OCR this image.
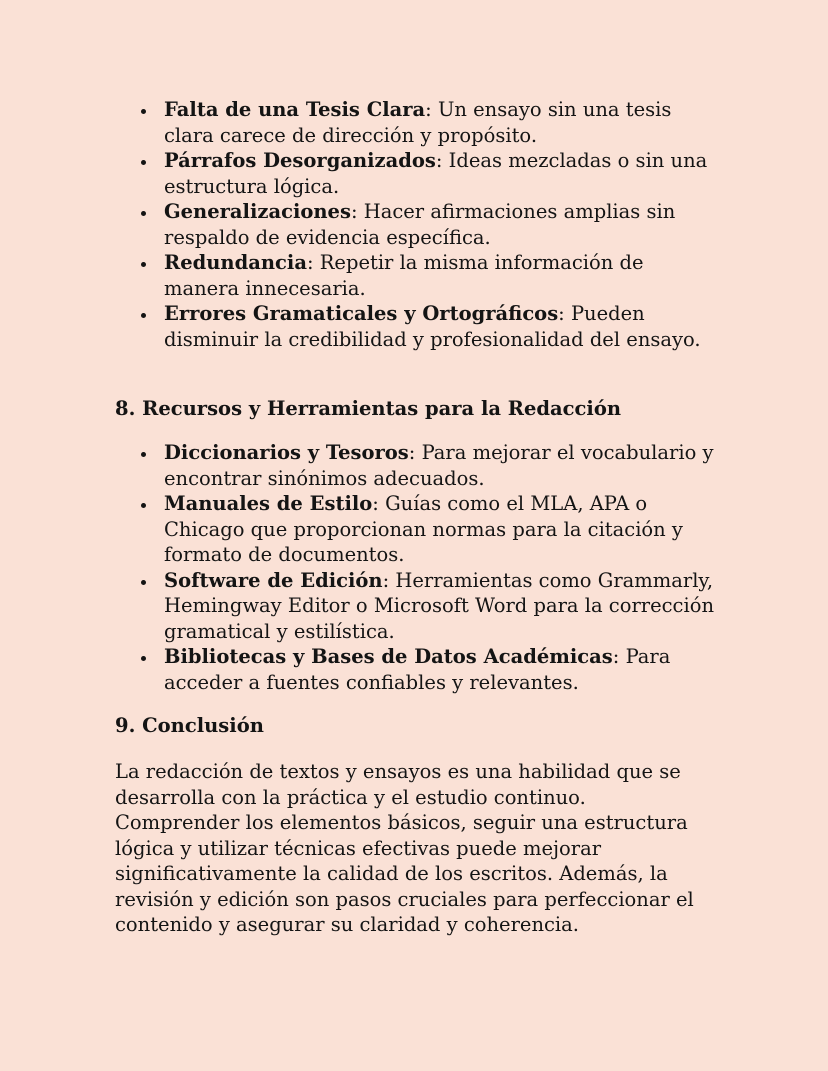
Falta de una Tesis Clara: Un ensayo sin una tesis clara carece de dirección y propósito.
Párrafos Desorganizados: Ideas mezcladas o sin una estructura lógica.
Generalizaciones: Hacer afirmaciones amplias sin respaldo de evidencia específica.
Redundancia: Repetir la misma información de manera innecesaria.
Errores Gramaticales y Ortográficos: Pueden disminuir la credibilidad y profesionalidad del ensayo.
8. Recursos y Herramientas para la Redacción
Diccionarios y Tesoros: Para mejorar el vocabulario y encontrar sinónimos adecuados.
Manuales de Estilo: Guías como el MLA, APA o Chicago que proporcionan normas para la citación y formato de documentos.
Software de Edición: Herramientas como Grammarly, Hemingway Editor o Microsoft Word para la corrección gramatical y estilística.
Bibliotecas y Bases de Datos Académicas: Para acceder a fuentes confiables y relevantes.
9. Conclusión

La redacción de textos y ensayos es una habilidad que se desarrolla con la práctica y el estudio continuo. Comprender los elementos básicos, seguir una estructura lógica y utilizar técnicas efectivas puede mejorar significativamente la calidad de los escritos. Además, la revisión y edición son pasos cruciales para perfeccionar el contenido y asegurar su claridad y coherencia.
